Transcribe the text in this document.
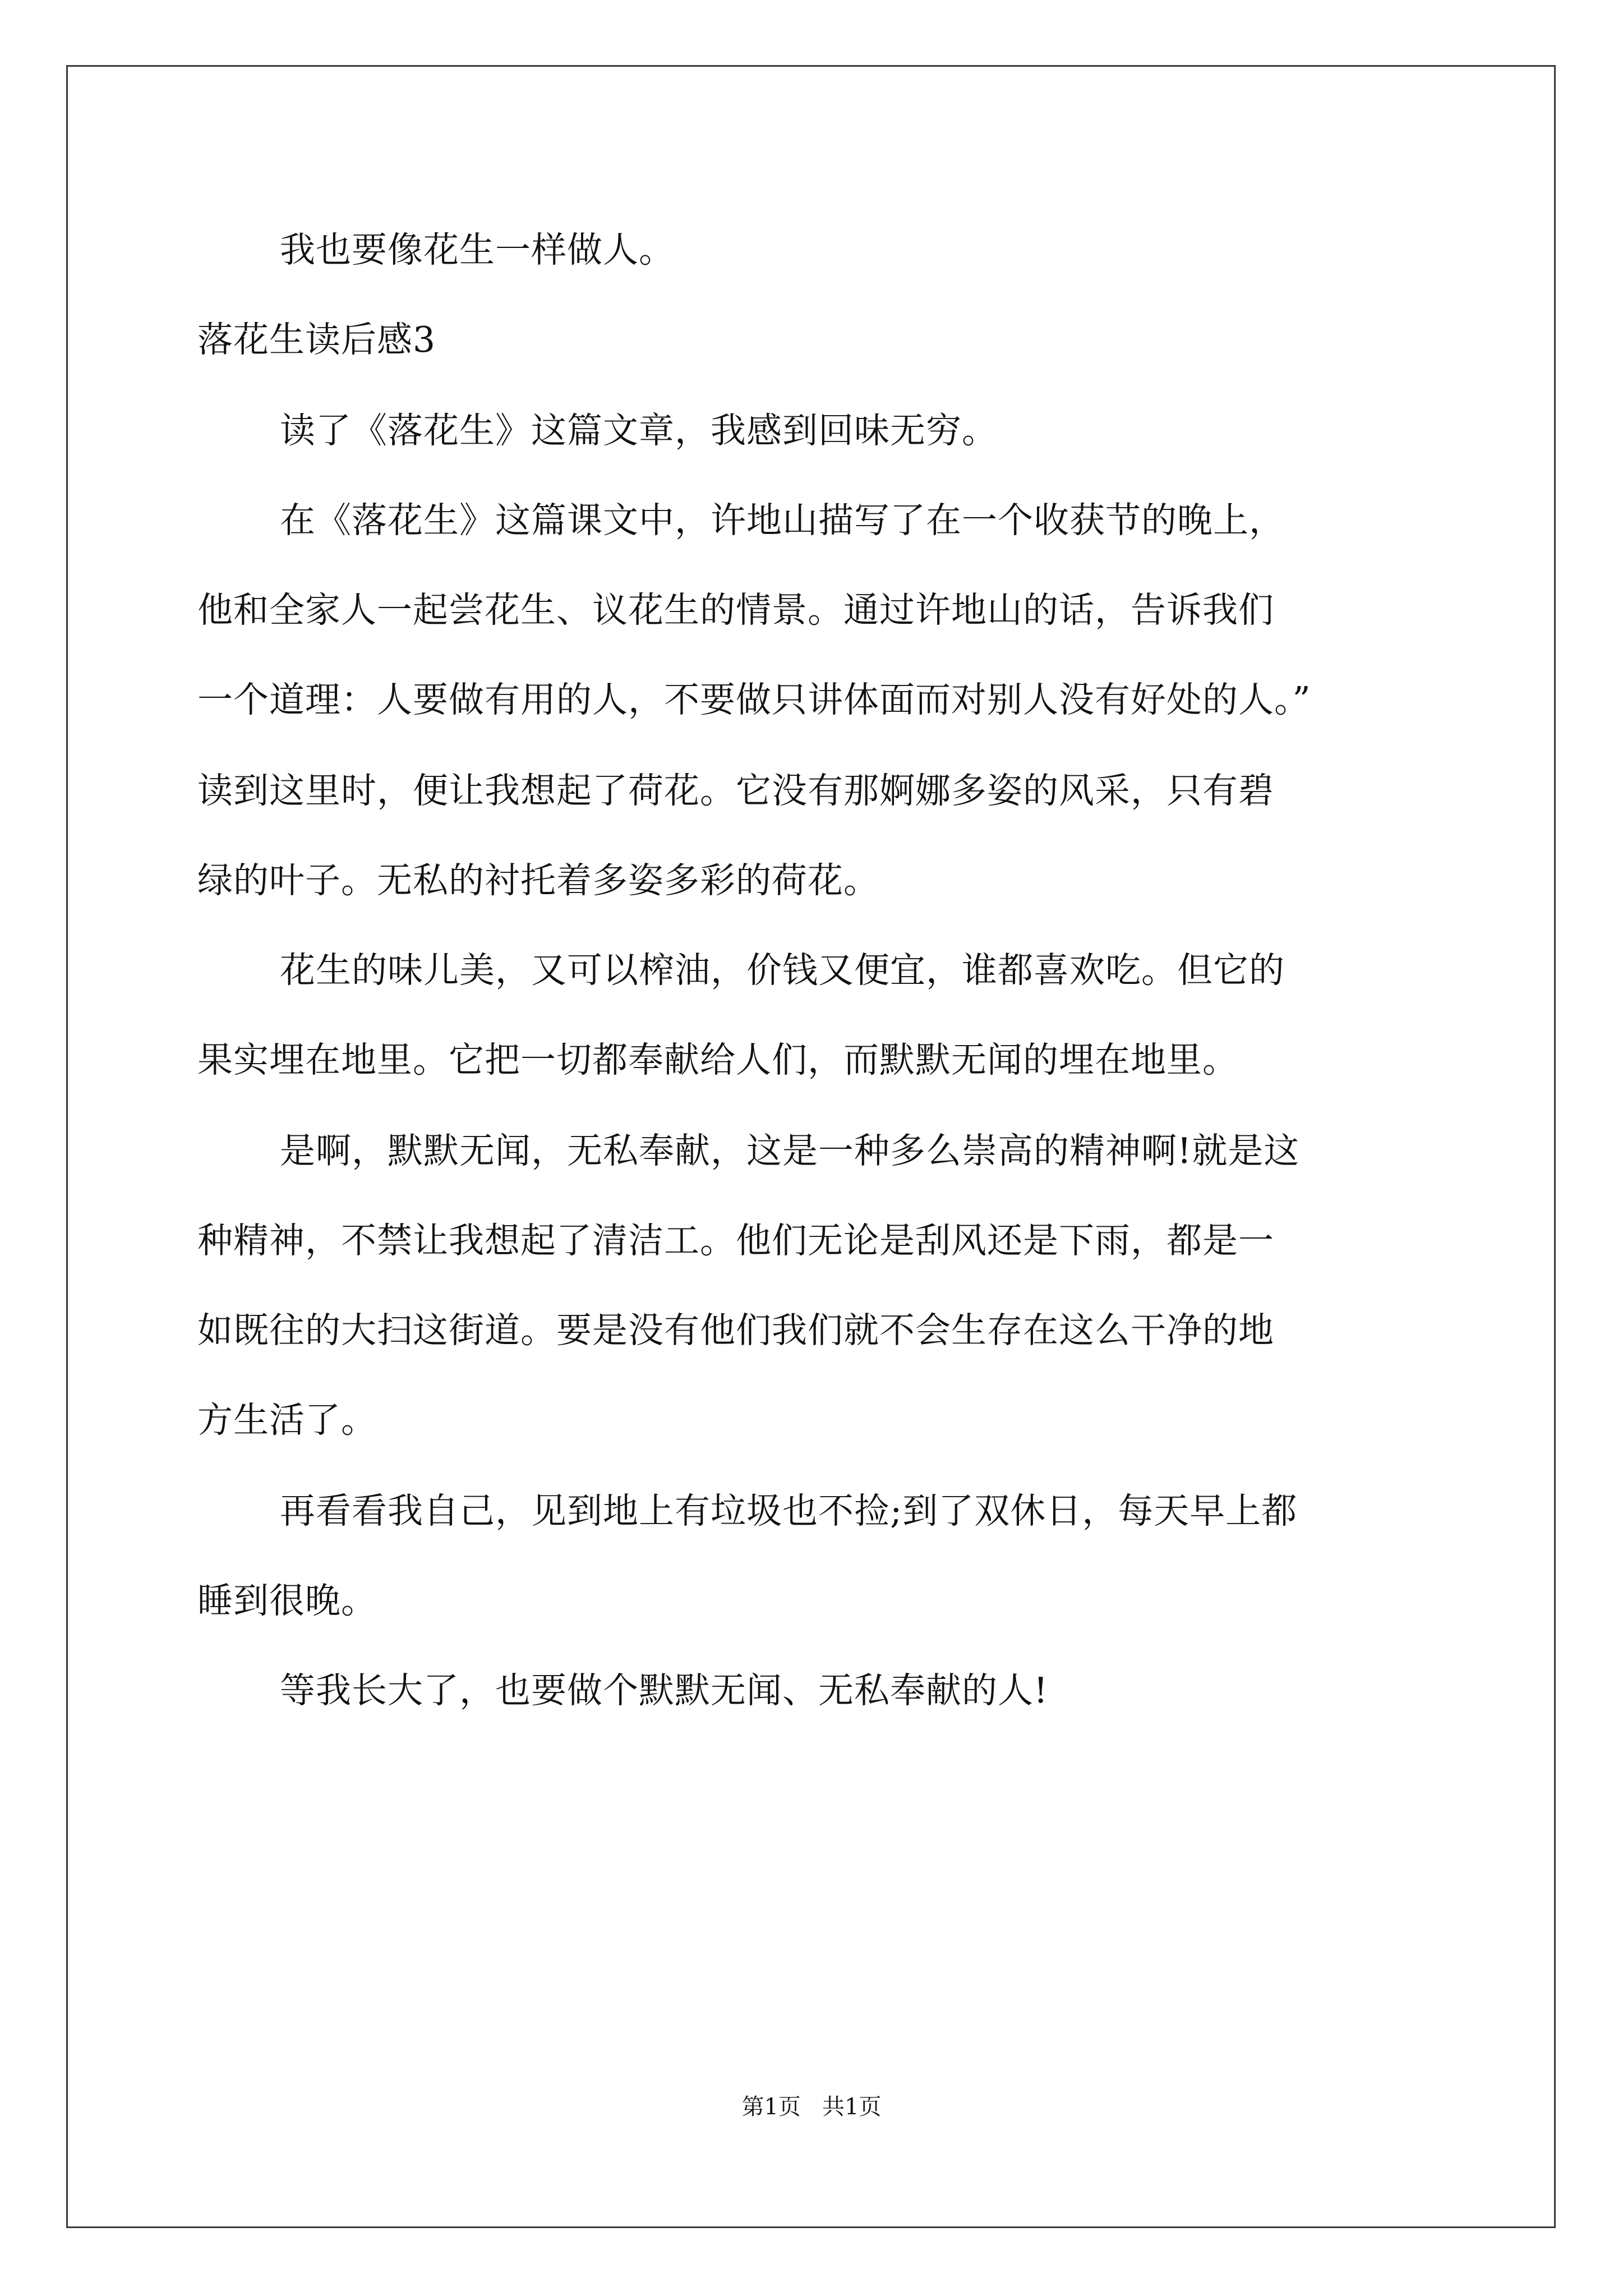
我也要像花生一样做人。
落花生读后感3
读了《落花生》这篇文章，我感到回味无穷。
在《落花生》这篇课文中，许地山描写了在一个收获节的晚上，
他和全家人一起尝花生、议花生的情景。通过许地山的话，告诉我们
一个道理：人要做有用的人，不要做只讲体面而对别人没有好处的人。”
读到这里时，便让我想起了荷花。它没有那婀娜多姿的风采，只有碧
绿的叶子。无私的衬托着多姿多彩的荷花。
花生的味儿美，又可以榨油，价钱又便宜，谁都喜欢吃。但它的
果实埋在地里。它把一切都奉献给人们，而默默无闻的埋在地里。
是啊，默默无闻，无私奉献，这是一种多么崇高的精神啊!就是这
种精神，不禁让我想起了清洁工。他们无论是刮风还是下雨，都是一
如既往的大扫这街道。要是没有他们我们就不会生存在这么干净的地
方生活了。
再看看我自己，见到地上有垃圾也不捡;到了双休日，每天早上都
睡到很晚。
等我长大了，也要做个默默无闻、无私奉献的人!
第1页   共1页
